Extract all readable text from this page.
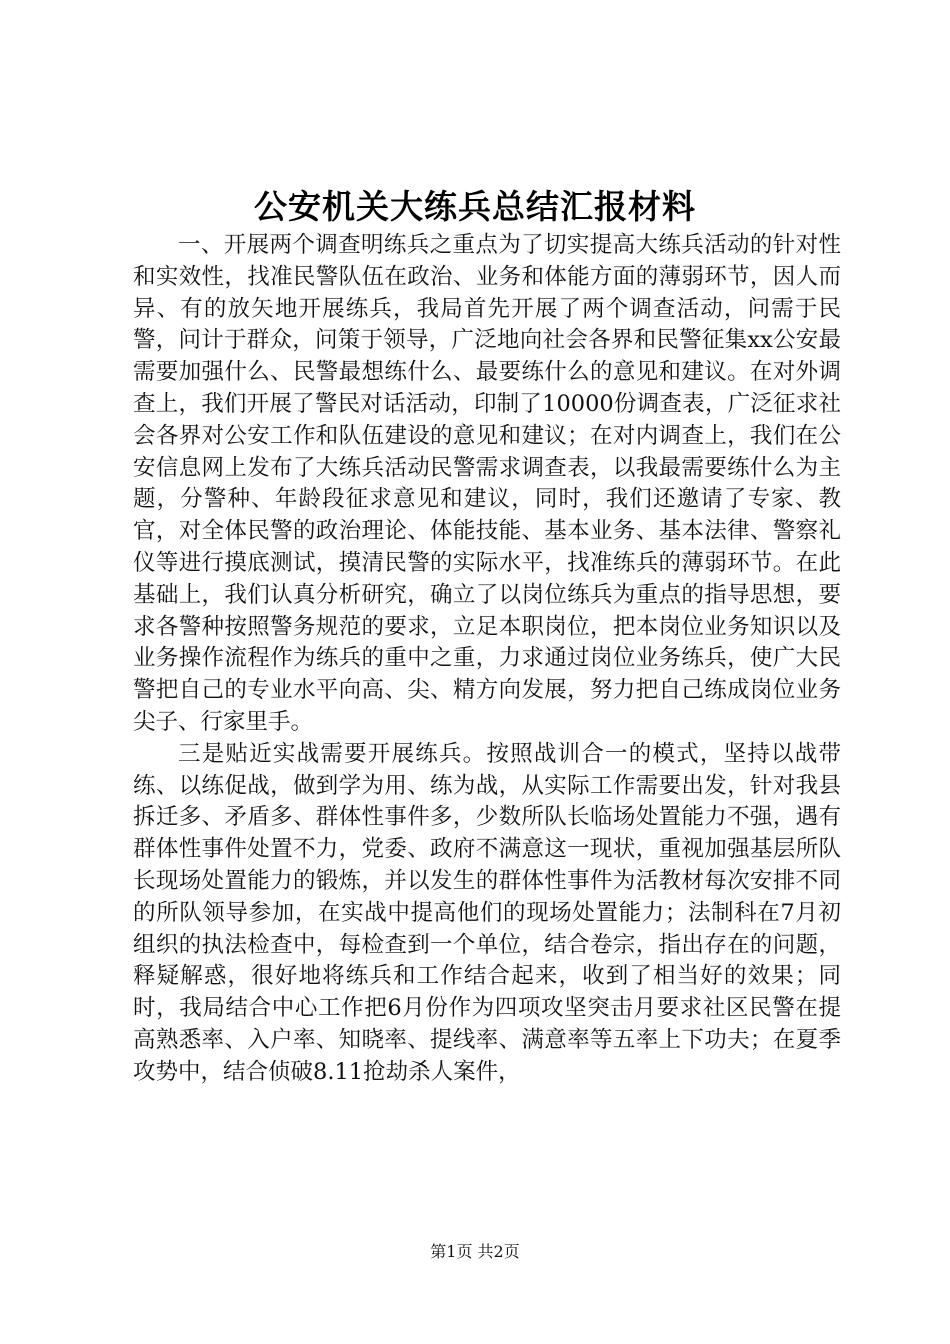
公安机关大练兵总结汇报材料

一、开展两个调查明练兵之重点为了切实提高大练兵活动的针对性和实效性，找准民警队伍在政治、业务和体能方面的薄弱环节，因人而异、有的放矢地开展练兵，我局首先开展了两个调查活动，问需于民警，问计于群众，问策于领导，广泛地向社会各界和民警征集xx公安最需要加强什么、民警最想练什么、最要练什么的意见和建议。在对外调查上，我们开展了警民对话活动，印制了10000份调查表，广泛征求社会各界对公安工作和队伍建设的意见和建议；在对内调查上，我们在公安信息网上发布了大练兵活动民警需求调查表，以我最需要练什么为主题，分警种、年龄段征求意见和建议，同时，我们还邀请了专家、教官，对全体民警的政治理论、体能技能、基本业务、基本法律、警察礼仪等进行摸底测试，摸清民警的实际水平，找准练兵的薄弱环节。在此基础上，我们认真分析研究，确立了以岗位练兵为重点的指导思想，要求各警种按照警务规范的要求，立足本职岗位，把本岗位业务知识以及业务操作流程作为练兵的重中之重，力求通过岗位业务练兵，使广大民警把自己的专业水平向高、尖、精方向发展，努力把自己练成岗位业务尖子、行家里手。

三是贴近实战需要开展练兵。按照战训合一的模式，坚持以战带练、以练促战，做到学为用、练为战，从实际工作需要出发，针对我县拆迁多、矛盾多、群体性事件多，少数所队长临场处置能力不强，遇有群体性事件处置不力，党委、政府不满意这一现状，重视加强基层所队长现场处置能力的锻炼，并以发生的群体性事件为活教材每次安排不同的所队领导参加，在实战中提高他们的现场处置能力；法制科在7月初组织的执法检查中，每检查到一个单位，结合卷宗，指出存在的问题，释疑解惑，很好地将练兵和工作结合起来，收到了相当好的效果；同时，我局结合中心工作把6月份作为四项攻坚突击月要求社区民警在提高熟悉率、入户率、知晓率、提线率、满意率等五率上下功夫；在夏季攻势中，结合侦破8.11抢劫杀人案件，

第1页 共2页
